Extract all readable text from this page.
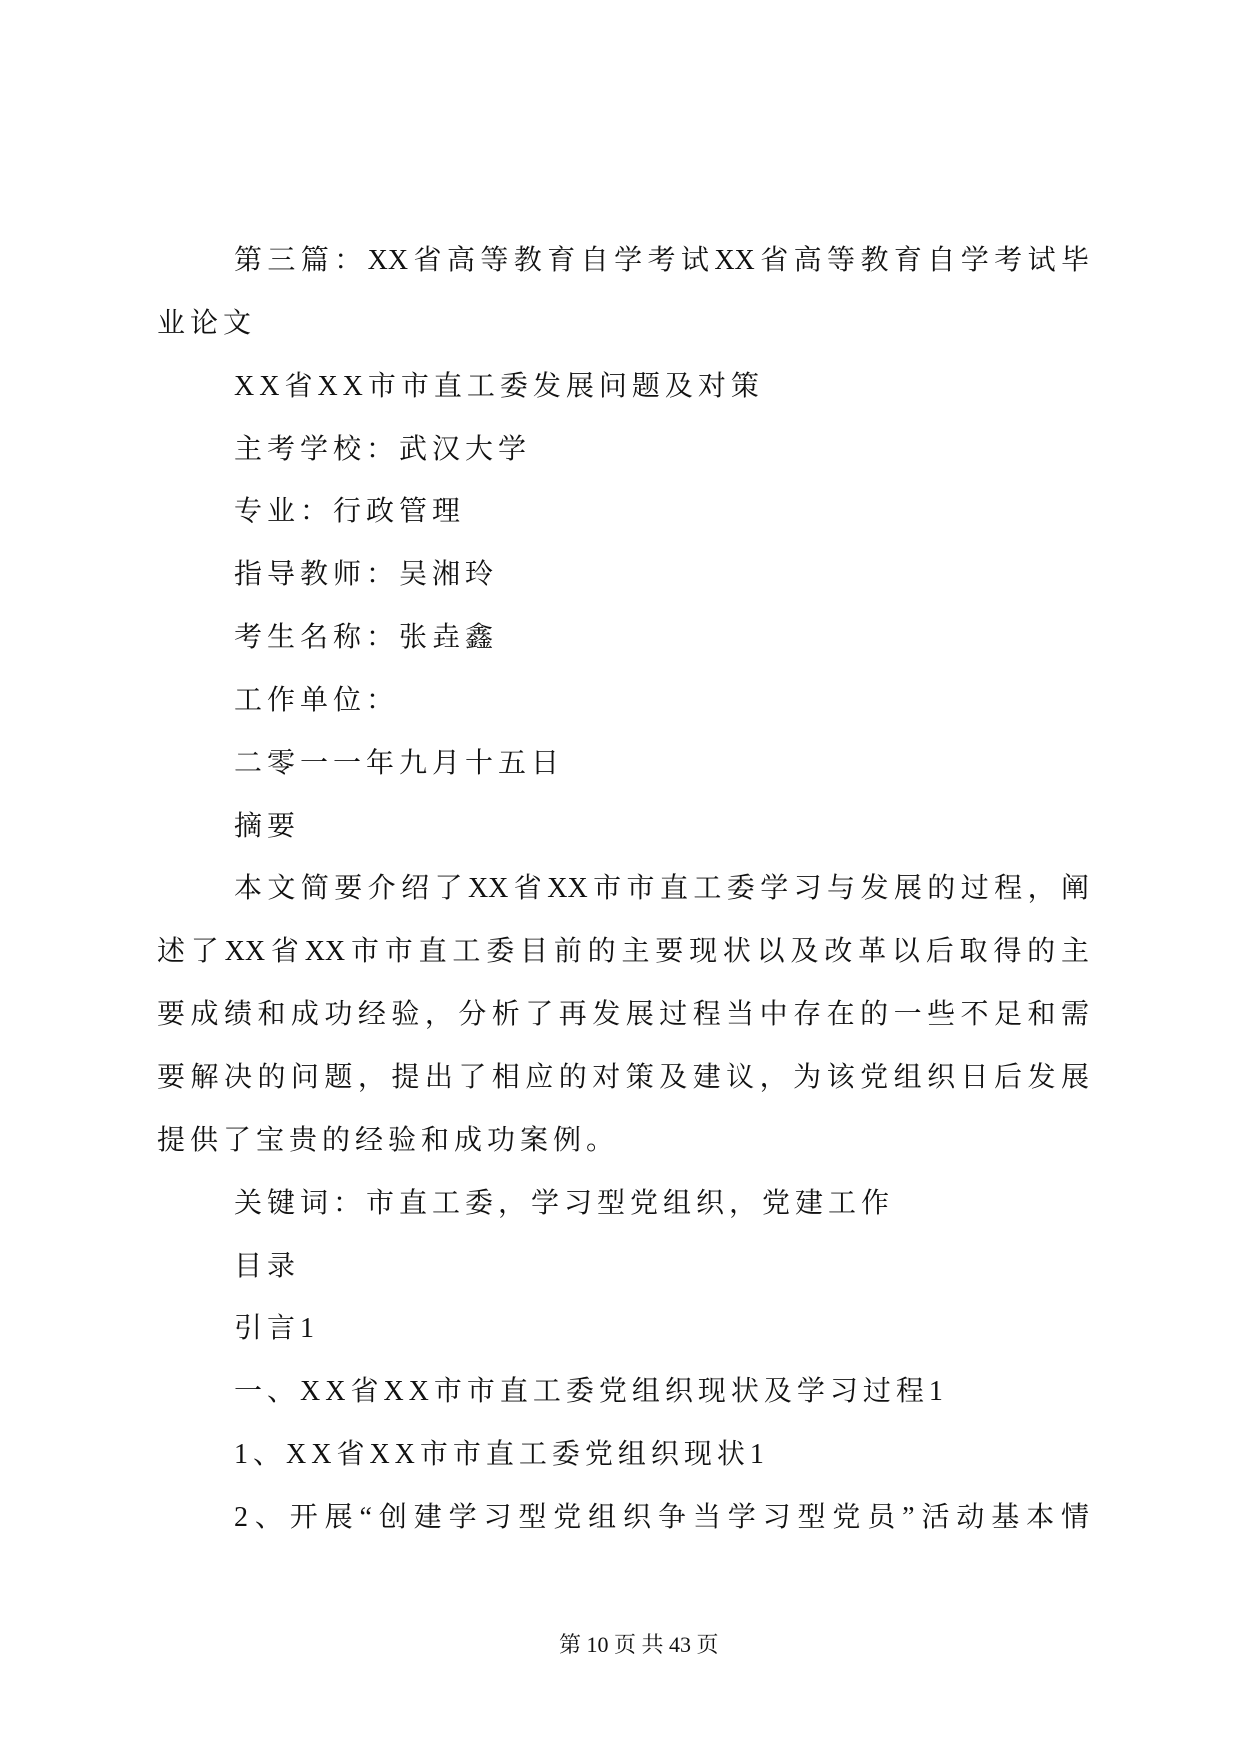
第三篇：XX省高等教育自学考试XX省高等教育自学考试毕
业论文
XX省XX市市直工委发展问题及对策
主考学校：武汉大学
专业：行政管理
指导教师：吴湘玲
考生名称：张垚鑫
工作单位：
二零一一年九月十五日
摘要
本文简要介绍了XX省XX市市直工委学习与发展的过程，阐
述了XX省XX市市直工委目前的主要现状以及改革以后取得的主
要成绩和成功经验，分析了再发展过程当中存在的一些不足和需
要解决的问题，提出了相应的对策及建议，为该党组织日后发展
提供了宝贵的经验和成功案例。
关键词：市直工委，学习型党组织，党建工作
目录
引言1
一、XX省XX市市直工委党组织现状及学习过程1
1、XX省XX市市直工委党组织现状1
2、开展“创建学习型党组织争当学习型党员”活动基本情
第 10 页 共 43 页
